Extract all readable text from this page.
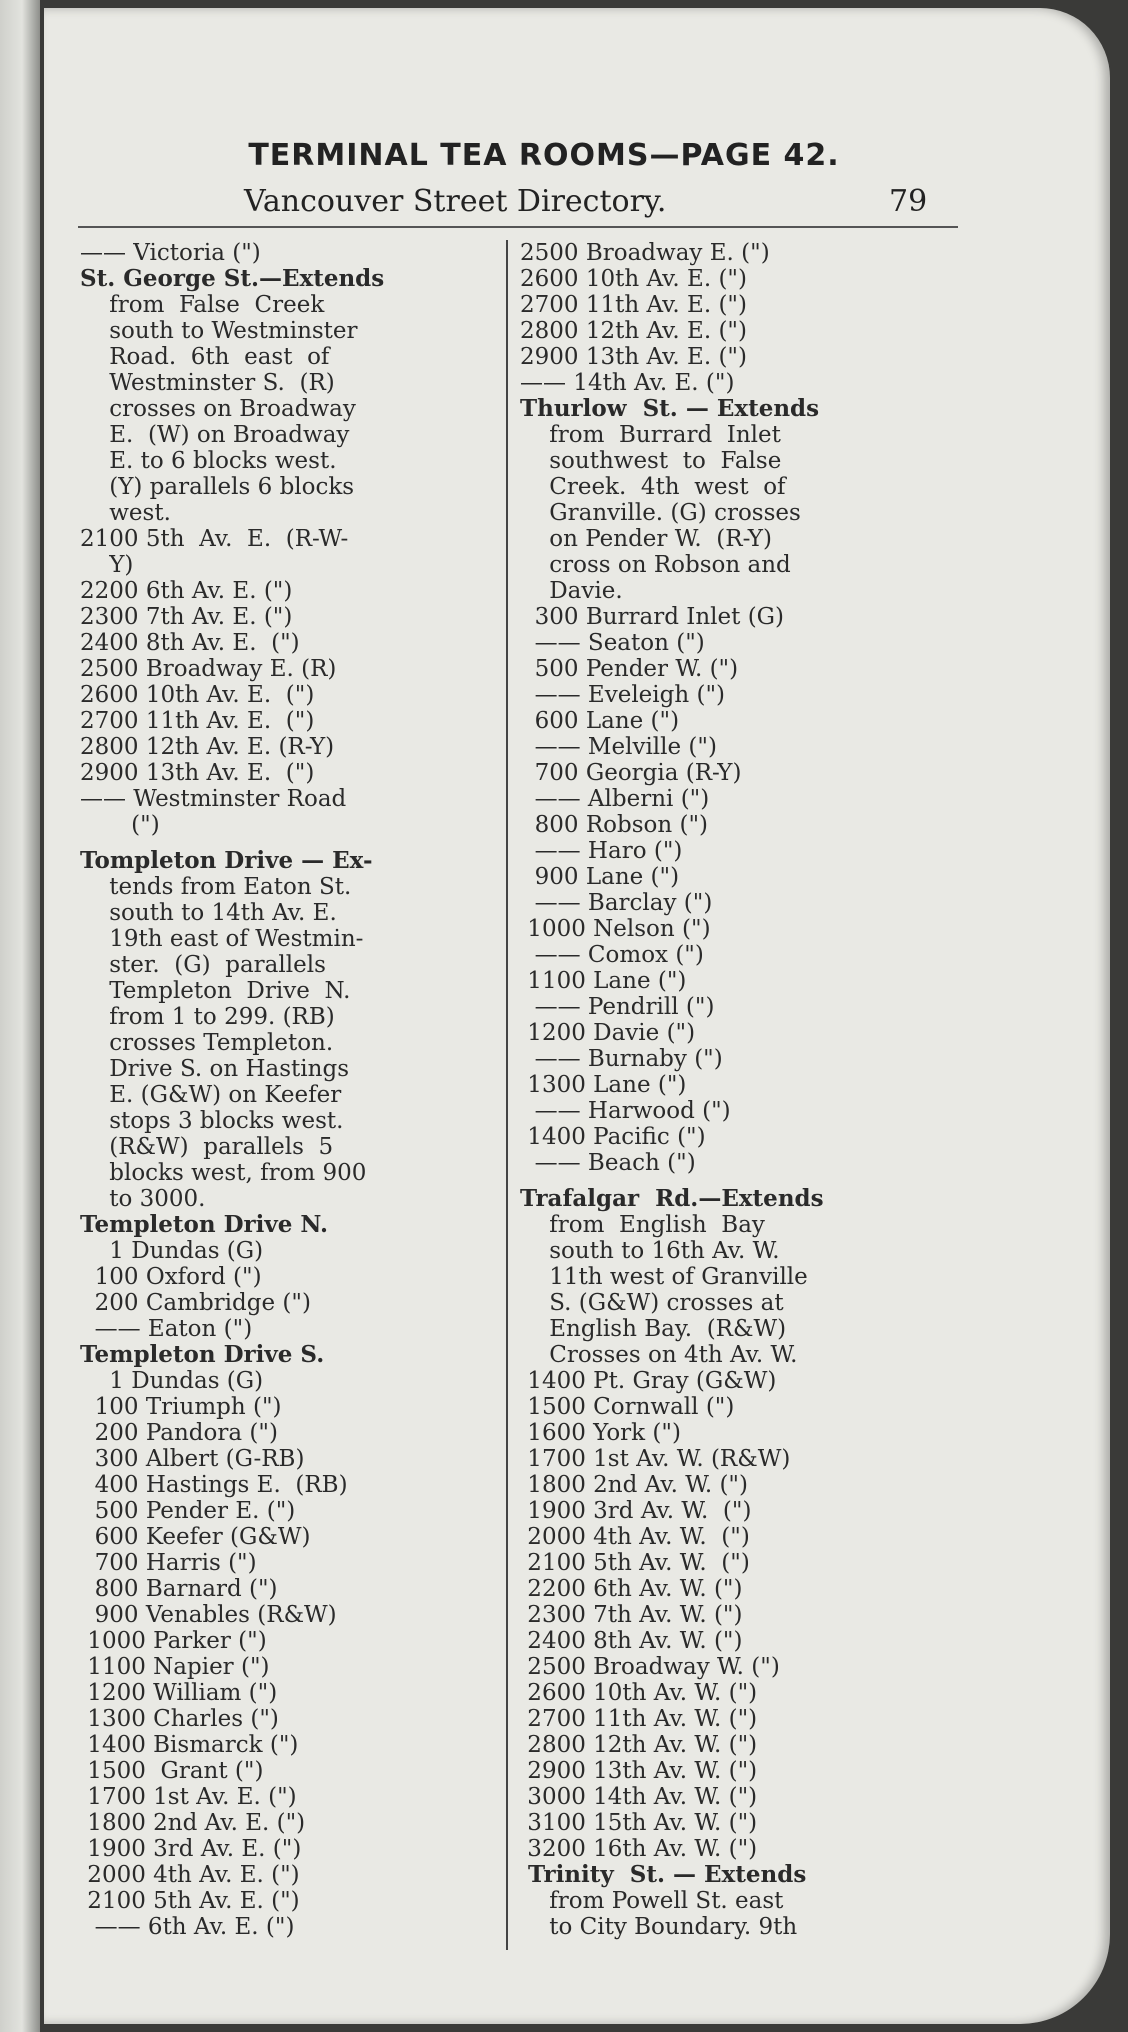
TERMINAL TEA ROOMS—PAGE 42.
Vancouver Street Directory.	79
—— Victoria (")
St. George St.—Extends
from  False  Creek
south to Westminster
Road.  6th  east  of
Westminster S.  (R)
crosses on Broadway
E.  (W) on Broadway
E. to 6 blocks west.
(Y) parallels 6 blocks
west.
2100 5th  Av.  E.  (R-W-
Y)
2200 6th Av. E. (")
2300 7th Av. E. (")
2400 8th Av. E.  (")
2500 Broadway E. (R)
2600 10th Av. E.  (")
2700 11th Av. E.  (")
2800 12th Av. E. (R-Y)
2900 13th Av. E.  (")
—— Westminster Road
(")
Tompleton Drive — Ex-
tends from Eaton St.
south to 14th Av. E.
19th east of Westmin-
ster.  (G)  parallels
Templeton  Drive  N.
from 1 to 299. (RB)
crosses Templeton.
Drive S. on Hastings
E. (G&W) on Keefer
stops 3 blocks west.
(R&W)  parallels  5
blocks west, from 900
to 3000.
Templeton Drive N.
1 Dundas (G)
100 Oxford (")
200 Cambridge (")
—— Eaton (")
Templeton Drive S.
1 Dundas (G)
100 Triumph (")
200 Pandora (")
300 Albert (G-RB)
400 Hastings E.  (RB)
500 Pender E. (")
600 Keefer (G&W)
700 Harris (")
800 Barnard (")
900 Venables (R&W)
1000 Parker (")
1100 Napier (")
1200 William (")
1300 Charles (")
1400 Bismarck (")
1500  Grant (")
1700 1st Av. E. (")
1800 2nd Av. E. (")
1900 3rd Av. E. (")
2000 4th Av. E. (")
2100 5th Av. E. (")
—— 6th Av. E. (")
2500 Broadway E. (")
2600 10th Av. E. (")
2700 11th Av. E. (")
2800 12th Av. E. (")
2900 13th Av. E. (")
—— 14th Av. E. (")
Thurlow  St. — Extends
from  Burrard  Inlet
southwest  to  False
Creek.  4th  west  of
Granville. (G) crosses
on Pender W.  (R-Y)
cross on Robson and
Davie.
300 Burrard Inlet (G)
—— Seaton (")
500 Pender W. (")
—— Eveleigh (")
600 Lane (")
—— Melville (")
700 Georgia (R-Y)
—— Alberni (")
800 Robson (")
—— Haro (")
900 Lane (")
—— Barclay (")
1000 Nelson (")
—— Comox (")
1100 Lane (")
—— Pendrill (")
1200 Davie (")
—— Burnaby (")
1300 Lane (")
—— Harwood (")
1400 Pacific (")
—— Beach (")
Trafalgar  Rd.—Extends
from  English  Bay
south to 16th Av. W.
11th west of Granville
S. (G&W) crosses at
English Bay.  (R&W)
Crosses on 4th Av. W.
1400 Pt. Gray (G&W)
1500 Cornwall (")
1600 York (")
1700 1st Av. W. (R&W)
1800 2nd Av. W. (")
1900 3rd Av. W.  (")
2000 4th Av. W.  (")
2100 5th Av. W.  (")
2200 6th Av. W. (")
2300 7th Av. W. (")
2400 8th Av. W. (")
2500 Broadway W. (")
2600 10th Av. W. (")
2700 11th Av. W. (")
2800 12th Av. W. (")
2900 13th Av. W. (")
3000 14th Av. W. (")
3100 15th Av. W. (")
3200 16th Av. W. (")
Trinity  St. — Extends
from Powell St. east
to City Boundary. 9th
